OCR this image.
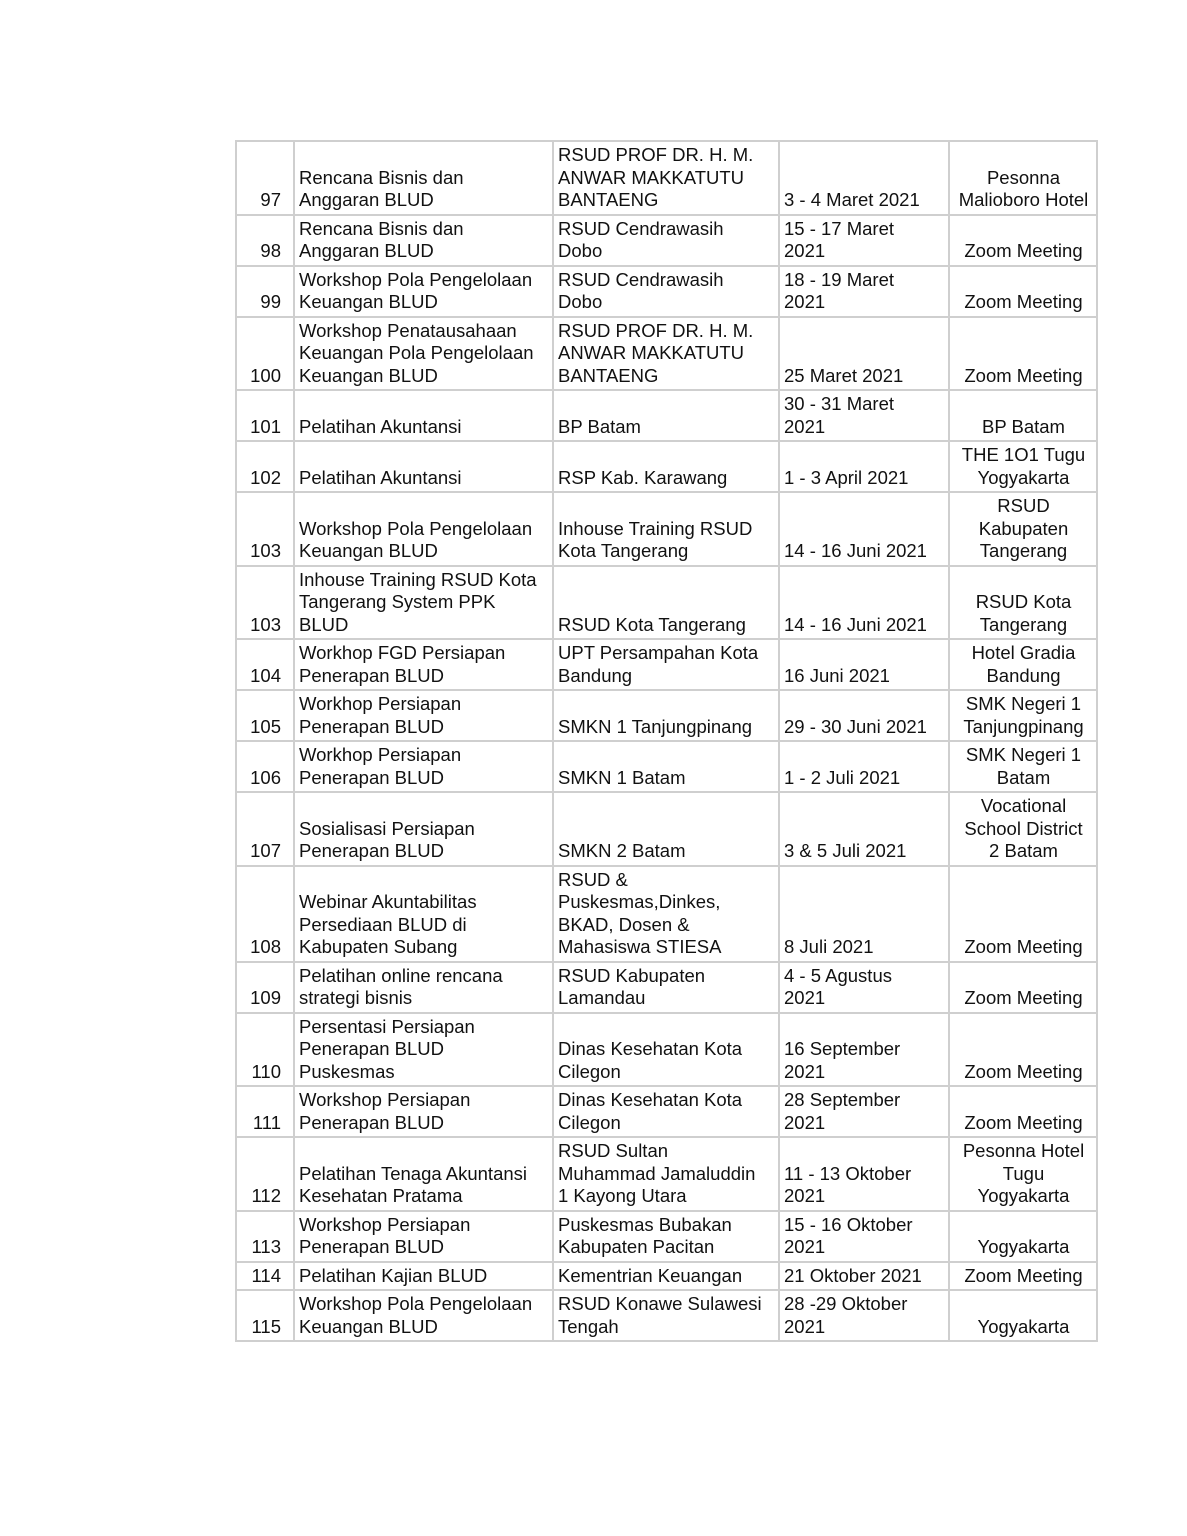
97	Rencana Bisnis dan
Anggaran BLUD	RSUD PROF DR. H. M.
ANWAR MAKKATUTU
BANTAENG	3 - 4 Maret 2021	Pesonna
Malioboro Hotel
98	Rencana Bisnis dan
Anggaran BLUD	RSUD Cendrawasih
Dobo	15 - 17 Maret
2021	Zoom Meeting
99	Workshop Pola Pengelolaan
Keuangan BLUD	RSUD Cendrawasih
Dobo	18 - 19 Maret
2021	Zoom Meeting
100	Workshop Penatausahaan
Keuangan Pola Pengelolaan
Keuangan BLUD	RSUD PROF DR. H. M.
ANWAR MAKKATUTU
BANTAENG	25 Maret 2021	Zoom Meeting
101	Pelatihan Akuntansi	BP Batam	30 - 31 Maret
2021	BP Batam
102	Pelatihan Akuntansi	RSP Kab. Karawang	1 - 3 April 2021	THE 1O1 Tugu
Yogyakarta
103	Workshop Pola Pengelolaan
Keuangan BLUD	Inhouse Training RSUD
Kota Tangerang	14 - 16 Juni 2021	RSUD
Kabupaten
Tangerang
103	Inhouse Training RSUD Kota
Tangerang System PPK
BLUD	RSUD Kota Tangerang	14 - 16 Juni 2021	RSUD Kota
Tangerang
104	Workhop FGD Persiapan
Penerapan BLUD	UPT Persampahan Kota
Bandung	16 Juni 2021	Hotel Gradia
Bandung
105	Workhop Persiapan
Penerapan BLUD	SMKN 1 Tanjungpinang	29 - 30 Juni 2021	SMK Negeri 1
Tanjungpinang
106	Workhop Persiapan
Penerapan BLUD	SMKN 1 Batam	1 - 2 Juli 2021	SMK Negeri 1
Batam
107	Sosialisasi Persiapan
Penerapan BLUD	SMKN 2 Batam	3 & 5 Juli 2021	Vocational
School District
2 Batam
108	Webinar Akuntabilitas
Persediaan BLUD di
Kabupaten Subang	RSUD &
Puskesmas,Dinkes,
BKAD, Dosen &
Mahasiswa STIESA	8 Juli 2021	Zoom Meeting
109	Pelatihan online rencana
strategi bisnis	RSUD Kabupaten
Lamandau	4 - 5 Agustus
2021	Zoom Meeting
110	Persentasi Persiapan
Penerapan BLUD
Puskesmas	Dinas Kesehatan Kota
Cilegon	16 September
2021	Zoom Meeting
111	Workshop Persiapan
Penerapan BLUD	Dinas Kesehatan Kota
Cilegon	28 September
2021	Zoom Meeting
112	Pelatihan Tenaga Akuntansi
Kesehatan Pratama	RSUD Sultan
Muhammad Jamaluddin
1 Kayong Utara	11 - 13 Oktober
2021	Pesonna Hotel
Tugu
Yogyakarta
113	Workshop Persiapan
Penerapan BLUD	Puskesmas Bubakan
Kabupaten Pacitan	15 - 16 Oktober
2021	Yogyakarta
114	Pelatihan Kajian BLUD	Kementrian Keuangan	21 Oktober 2021	Zoom Meeting
115	Workshop Pola Pengelolaan
Keuangan BLUD	RSUD Konawe Sulawesi
Tengah	28 -29 Oktober
2021	Yogyakarta
